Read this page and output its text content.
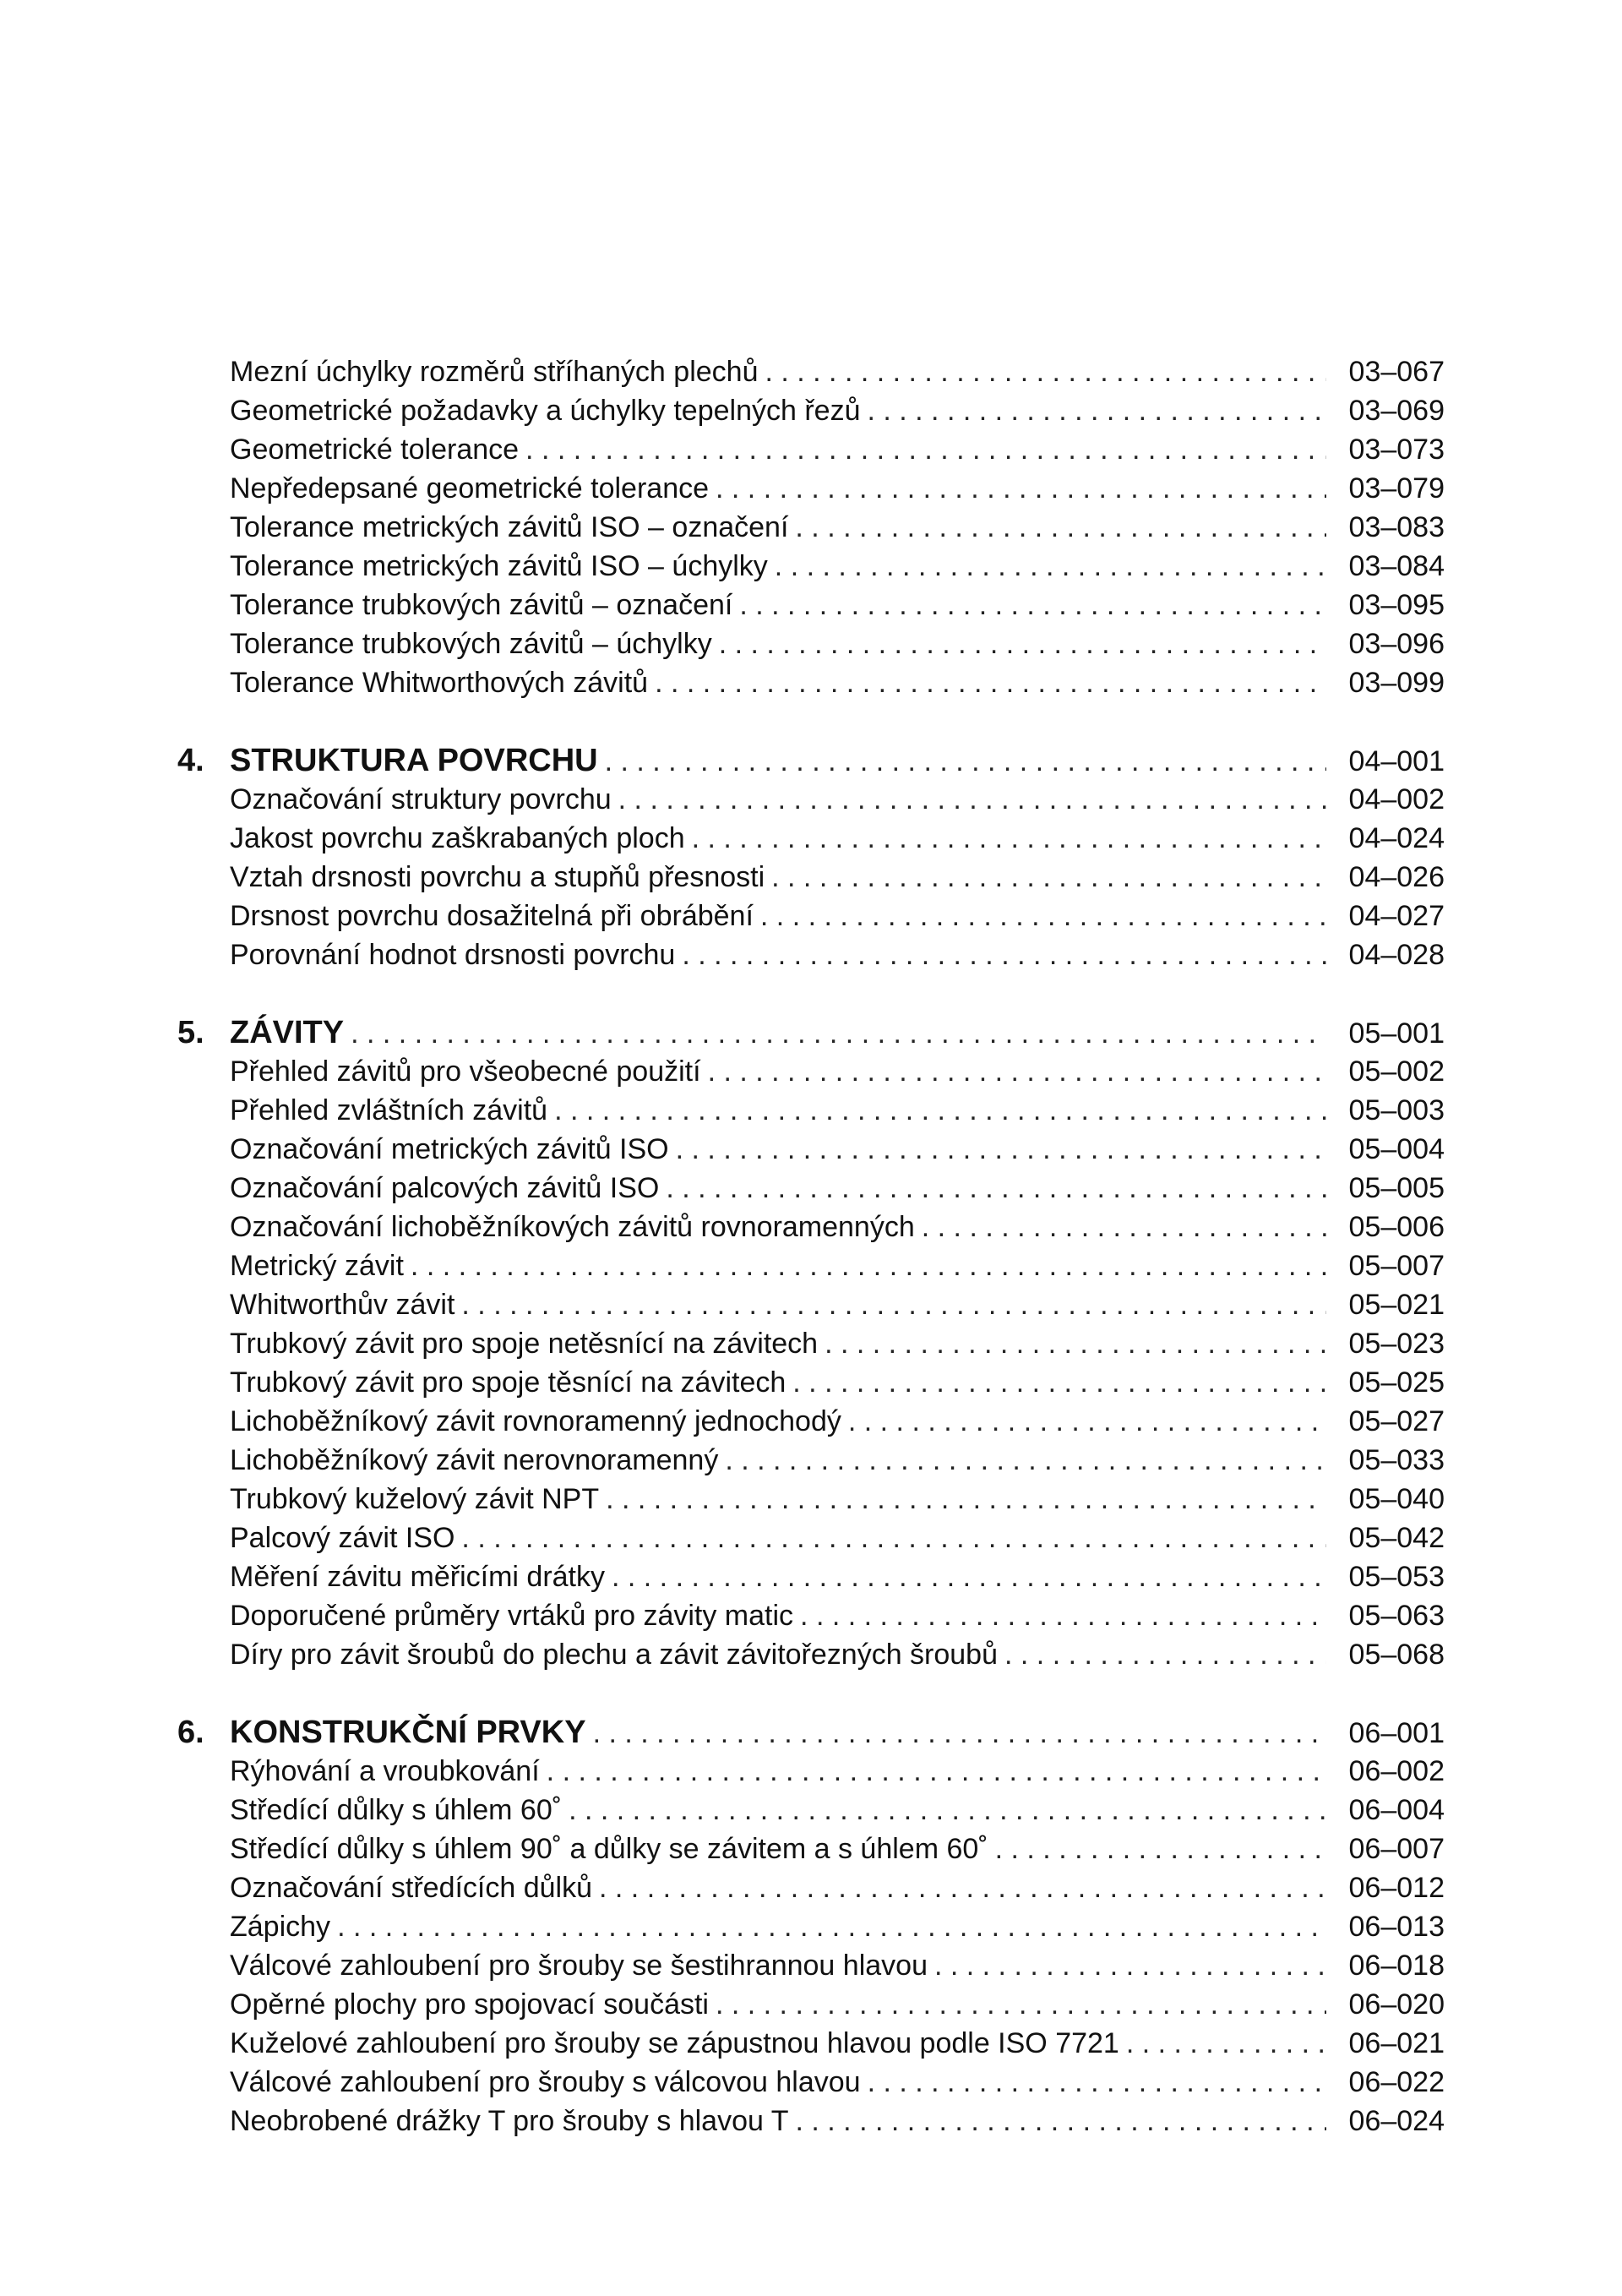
Mezní úchylky rozměrů stříhaných plechů . . .	03–067
Geometrické požadavky a úchylky tepelných řezů . . .	03–069
Geometrické tolerance . . .	03–073
Nepředepsané geometrické tolerance . . .	03–079
Tolerance metrických závitů ISO – označení . . .	03–083
Tolerance metrických závitů ISO – úchylky . . .	03–084
Tolerance trubkových závitů – označení . . .	03–095
Tolerance trubkových závitů – úchylky . . .	03–096
Tolerance Whitworthových závitů . . .	03–099
4. STRUKTURA POVRCHU . . .	04–001
Označování struktury povrchu . . .	04–002
Jakost povrchu zaškrabaných ploch . . .	04–024
Vztah drsnosti povrchu a stupňů přesnosti . . .	04–026
Drsnost povrchu dosažitelná při obrábění . . .	04–027
Porovnání hodnot drsnosti povrchu . . .	04–028
5. ZÁVITY . . .	05–001
Přehled závitů pro všeobecné použití . . .	05–002
Přehled zvláštních závitů . . .	05–003
Označování metrických závitů ISO . . .	05–004
Označování palcových závitů ISO . . .	05–005
Označování lichoběžníkových závitů rovnoramenných . . .	05–006
Metrický závit . . .	05–007
Whitworthův závit . . .	05–021
Trubkový závit pro spoje netěsnící na závitech . . .	05–023
Trubkový závit pro spoje těsnící na závitech . . .	05–025
Lichoběžníkový závit rovnoramenný jednochodý . . .	05–027
Lichoběžníkový závit nerovnoramenný . . .	05–033
Trubkový kuželový závit NPT . . .	05–040
Palcový závit ISO . . .	05–042
Měření závitu měřicími drátky . . .	05–053
Doporučené průměry vrtáků pro závity matic . . .	05–063
Díry pro závit šroubů do plechu a závit závitořezných šroubů . . .	05–068
6. KONSTRUKČNÍ PRVKY . . .	06–001
Rýhování a vroubkování . . .	06–002
Středící důlky s úhlem 60˚ . . .	06–004
Středící důlky s úhlem 90˚ a důlky se závitem a s úhlem 60˚ . . .	06–007
Označování středících důlků . . .	06–012
Zápichy . . .	06–013
Válcové zahloubení pro šrouby se šestihrannou hlavou . . .	06–018
Opěrné plochy pro spojovací součásti . . .	06–020
Kuželové zahloubení pro šrouby se zápustnou hlavou podle ISO 7721 . . .	06–021
Válcové zahloubení pro šrouby s válcovou hlavou . . .	06–022
Neobrobené drážky T pro šrouby s hlavou T . . .	06–024
